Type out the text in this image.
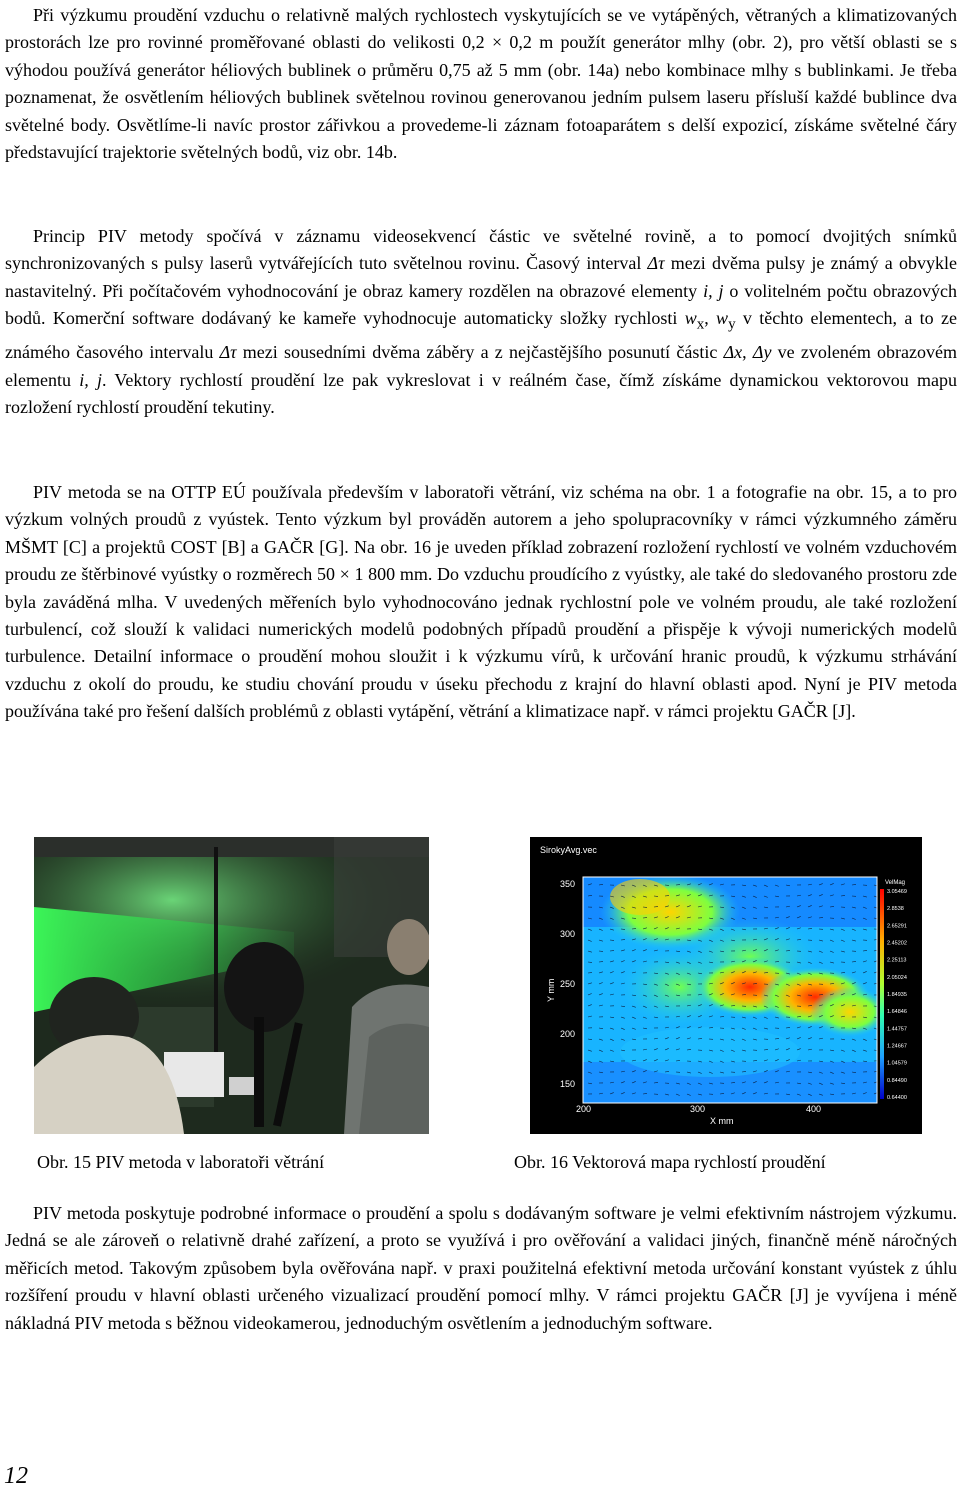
Při výzkumu proudění vzduchu o relativně malých rychlostech vyskytujících se ve vytápěných, větraných a klimatizovaných prostorách lze pro rovinné proměřované oblasti do velikosti 0,2 × 0,2 m použít generátor mlhy (obr. 2), pro větší oblasti se s výhodou používá generátor héliových bublinek o průměru 0,75 až 5 mm (obr. 14a) nebo kombinace mlhy s bublinkami. Je třeba poznamenat, že osvětlením héliových bublinek světelnou rovinou generovanou jedním pulsem laseru přísluší každé bublince dva světelné body. Osvětlíme-li navíc prostor zářivkou a provedeme-li záznam fotoaparátem s delší expozicí, získáme světelné čáry představující trajektorie světelných bodů, viz obr. 14b.

Princip PIV metody spočívá v záznamu videosekvencí částic ve světelné rovině, a to pomocí dvojitých snímků synchronizovaných s pulsy laserů vytvářejících tuto světelnou rovinu. Časový interval Δτ mezi dvěma pulsy je známý a obvykle nastavitelný. Při počítačovém vyhodnocování je obraz kamery rozdělen na obrazové elementy i, j o volitelném počtu obrazových bodů. Komerční software dodávaný ke kameře vyhodnocuje automaticky složky rychlosti $w_x$, $w_y$ v těchto elementech, a to ze známého časového intervalu Δτ mezi sousedními dvěma záběry a z nejčastějšího posunutí částic Δx, Δy ve zvoleném obrazovém elementu i, j. Vektory rychlostí proudění lze pak vykreslovat i v reálném čase, čímž získáme dynamickou vektorovou mapu rozložení rychlostí proudění tekutiny.

PIV metoda se na OTTP EÚ používala především v laboratoři větrání, viz schéma na obr. 1 a fotografie na obr. 15, a to pro výzkum volných proudů z vyústek. Tento výzkum byl prováděn autorem a jeho spolupracovníky v rámci výzkumného záměru MŠMT [C] a projektů COST [B] a GAČR [G]. Na obr. 16 je uveden příklad zobrazení rozložení rychlostí ve volném vzduchovém proudu ze štěrbinové vyústky o rozměrech 50 × 1 800 mm. Do vzduchu proudícího z vyústky, ale také do sledovaného prostoru zde byla zaváděná mlha. V uvedených měřeních bylo vyhodnocováno jednak rychlostní pole ve volném proudu, ale také rozložení turbulencí, což slouží k validaci numerických modelů podobných případů proudění a přispěje k vývoji numerických modelů turbulence. Detailní informace o proudění mohou sloužit i k výzkumu vírů, k určování hranic proudů, k výzkumu strhávání vzduchu z okolí do proudu, ke studiu chování proudu v úseku přechodu z krajní do hlavní oblasti apod. Nyní je PIV metoda používána také pro řešení dalších problémů z oblasti vytápění, větrání a klimatizace např. v rámci projektu GAČR [J].

PIV metoda poskytuje podrobné informace o proudění a spolu s dodávaným software je velmi efektivním nástrojem výzkumu. Jedná se ale zároveň o relativně drahé zařízení, a proto se využívá i pro ověřování a validaci jiných, finančně méně náročných měřicích metod. Takovým způsobem byla ověřována např. v praxi použitelná efektivní metoda určování konstant vyústek z úhlu rozšíření proudu v hlavní oblasti určeného vizualizací proudění pomocí mlhy. V rámci projektu GAČR [J] je vyvíjena i méně nákladná PIV metoda s běžnou videokamerou, jednoduchým osvětlením a jednoduchým software.

SirokyAvg.vec
350
300
250
200
150
Y mm
200	300	400
X mm
VelMag
3.05469
2.8538
2.65291
2.45202
2.25113
2.05024
1.84935
1.64846
1.44757
1.24667
1.04579
0.84490
0.64400
Obr. 15 PIV metoda v laboratoři větrání	Obr. 16 Vektorová mapa rychlostí proudění
12
